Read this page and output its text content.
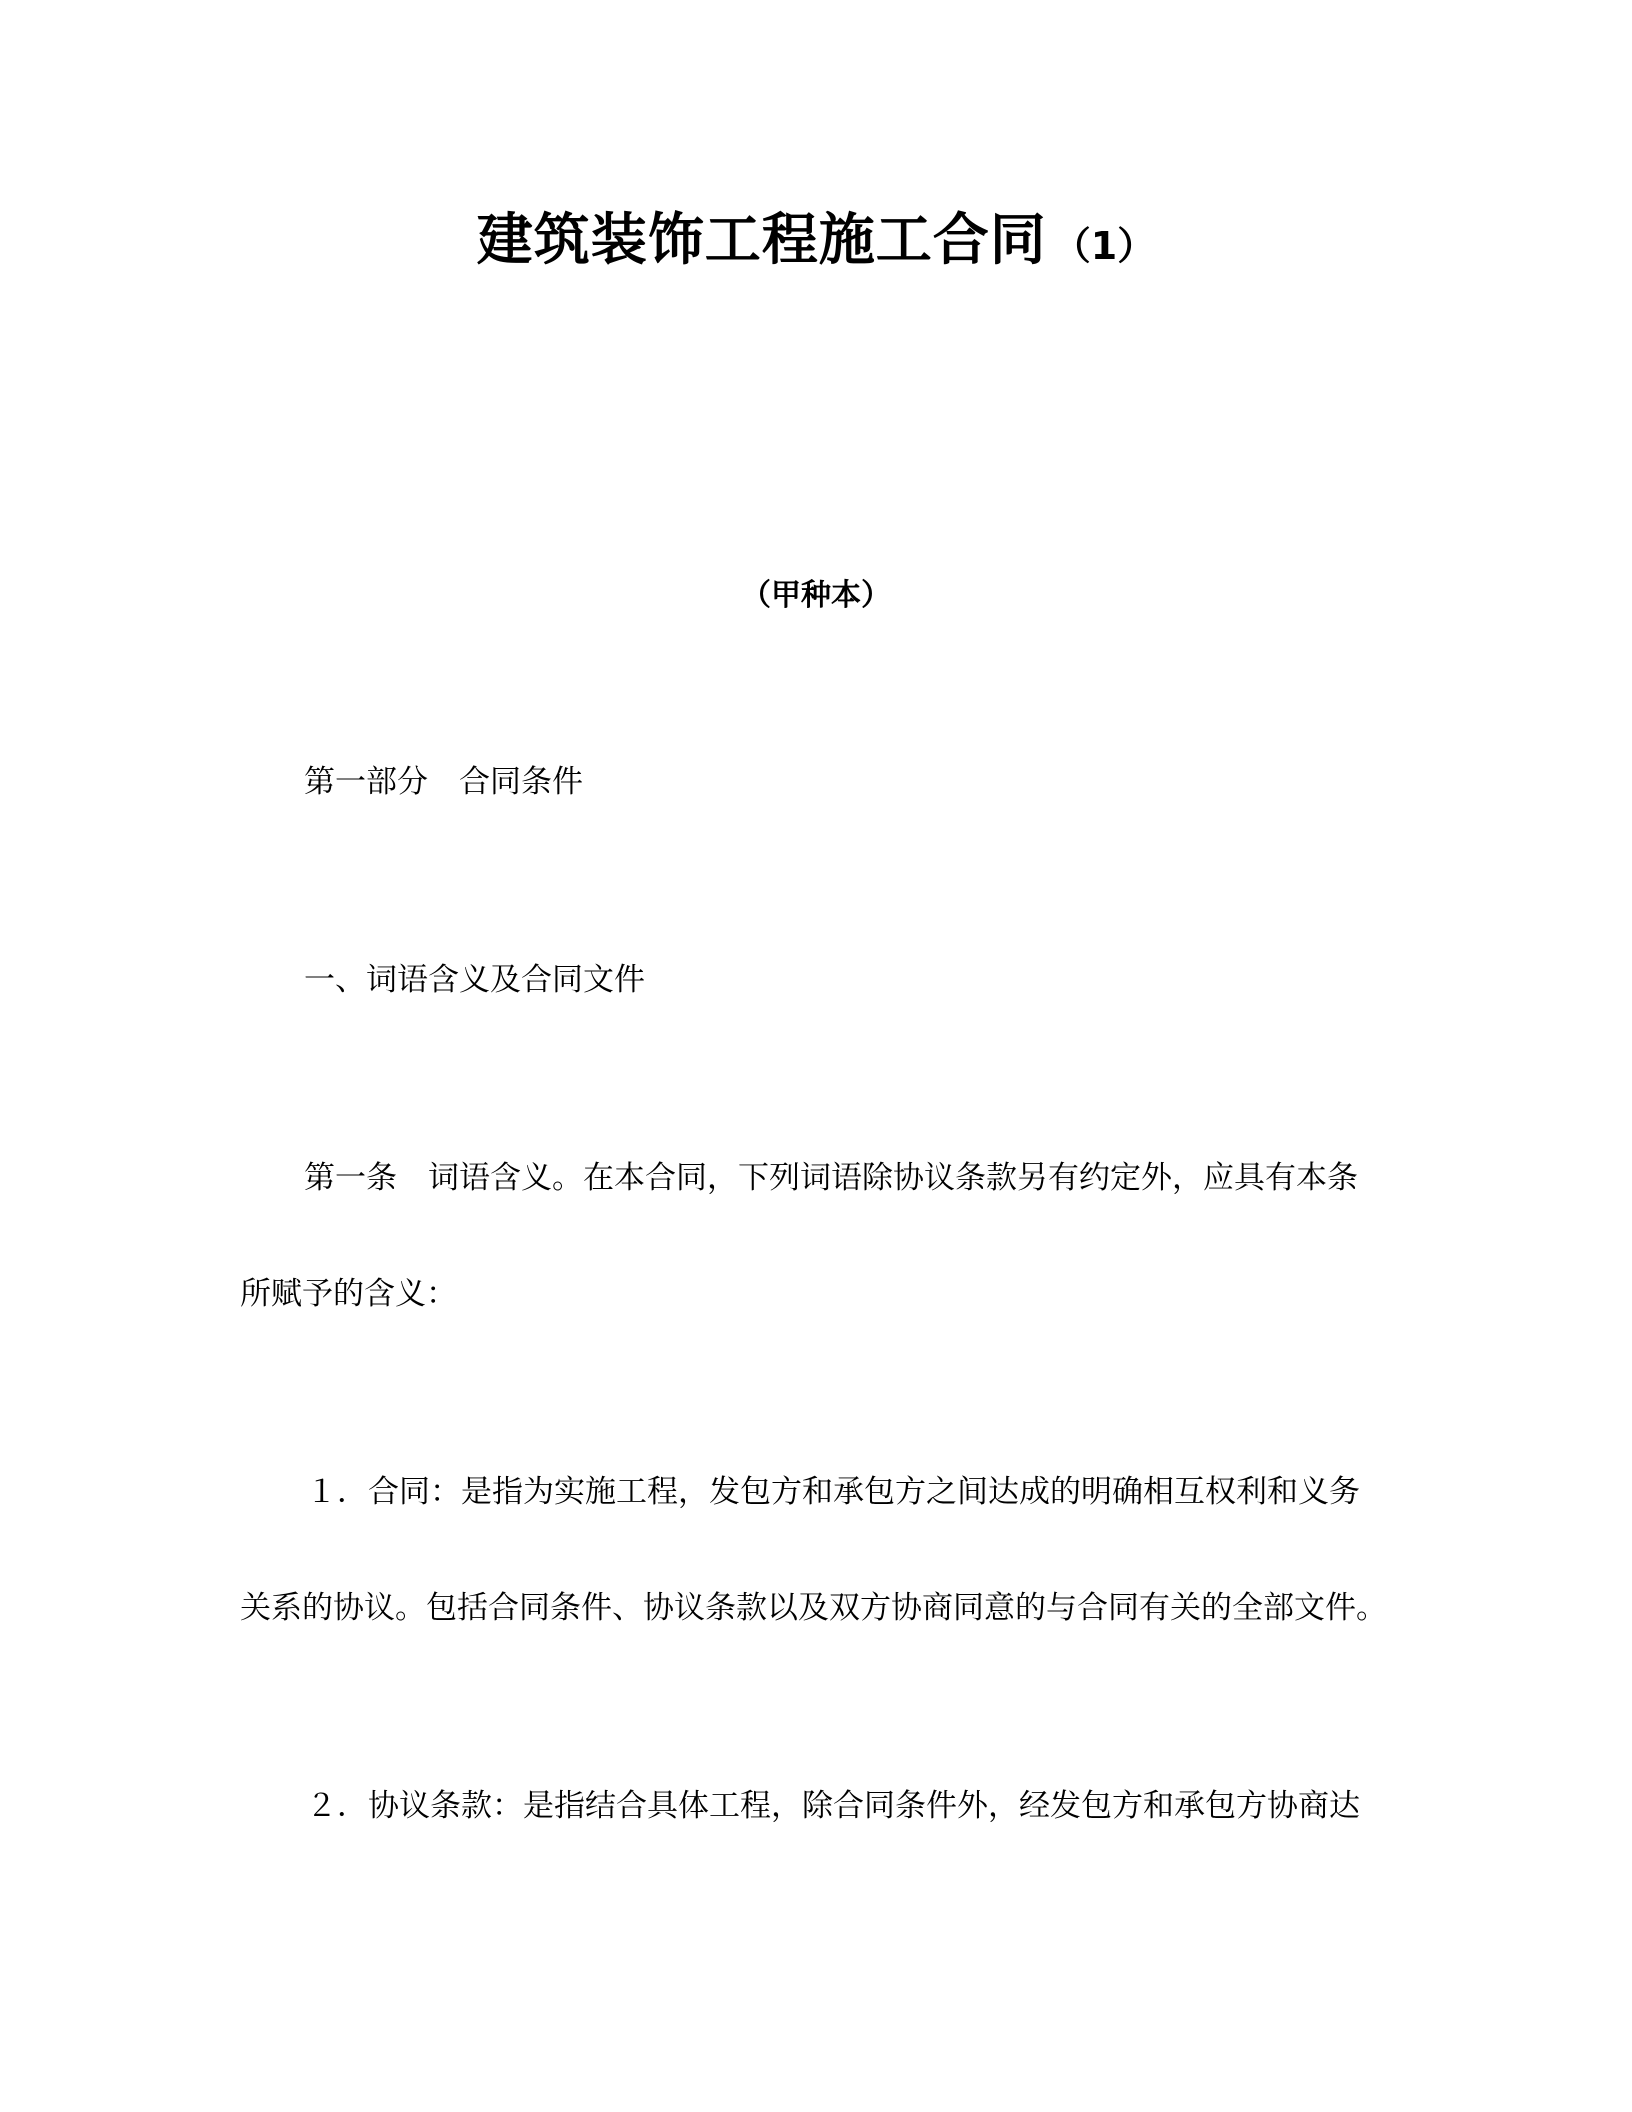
建筑装饰工程施工合同 （1）
（甲种本）
第一部分　合同条件
一、词语含义及合同文件
第一条　词语含义。在本合同，下列词语除协议条款另有约定外，应具有本条
所赋予的含义：
１．合同：是指为实施工程，发包方和承包方之间达成的明确相互权利和义务
关系的协议。包括合同条件、协议条款以及双方协商同意的与合同有关的全部文件。
２．协议条款：是指结合具体工程，除合同条件外，经发包方和承包方协商达
